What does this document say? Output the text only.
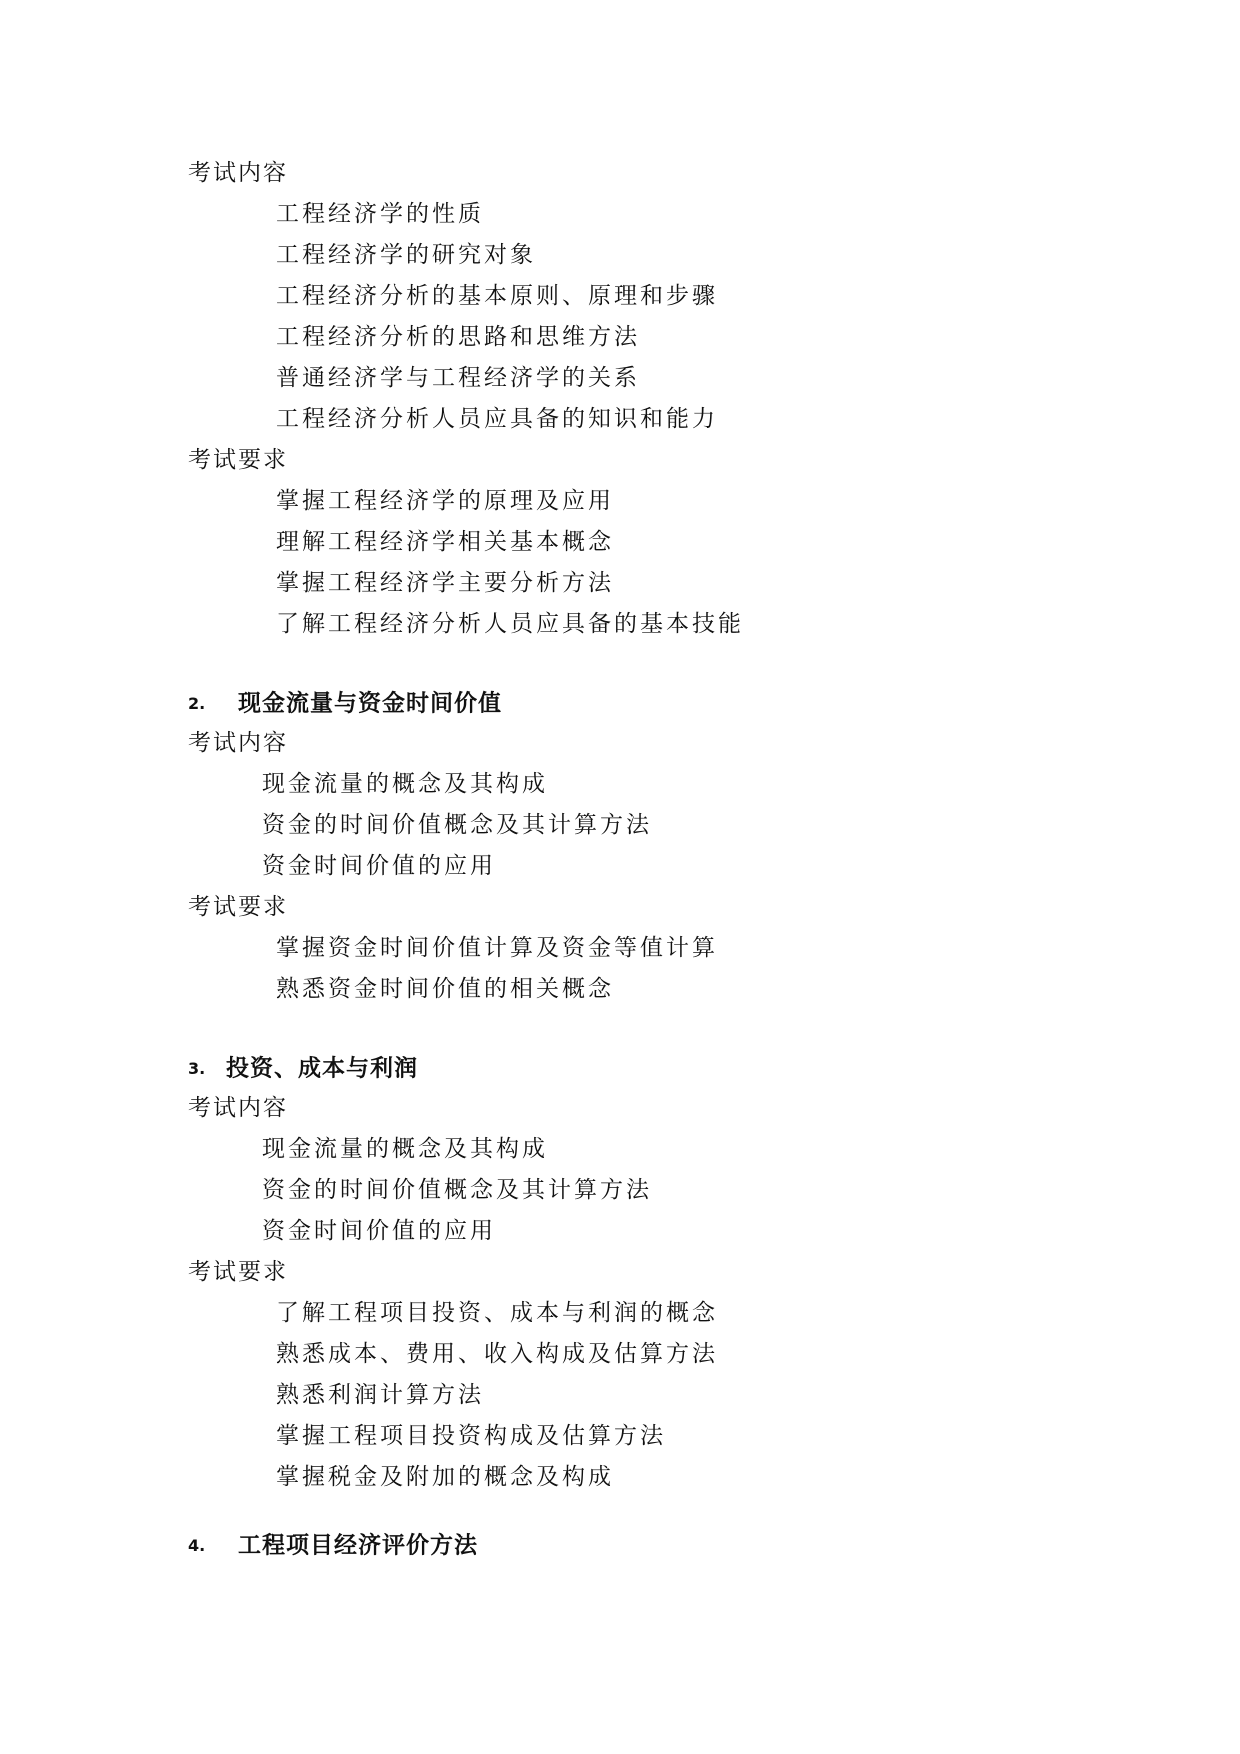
考试内容
工程经济学的性质
工程经济学的研究对象
工程经济分析的基本原则、原理和步骤
工程经济分析的思路和思维方法
普通经济学与工程经济学的关系
工程经济分析人员应具备的知识和能力
考试要求
掌握工程经济学的原理及应用
理解工程经济学相关基本概念
掌握工程经济学主要分析方法
了解工程经济分析人员应具备的基本技能
2. 现金流量与资金时间价值
考试内容
现金流量的概念及其构成
资金的时间价值概念及其计算方法
资金时间价值的应用
考试要求
掌握资金时间价值计算及资金等值计算
熟悉资金时间价值的相关概念
3. 投资、成本与利润
考试内容
现金流量的概念及其构成
资金的时间价值概念及其计算方法
资金时间价值的应用
考试要求
了解工程项目投资、成本与利润的概念
熟悉成本、费用、收入构成及估算方法
熟悉利润计算方法
掌握工程项目投资构成及估算方法
掌握税金及附加的概念及构成
4. 工程项目经济评价方法
